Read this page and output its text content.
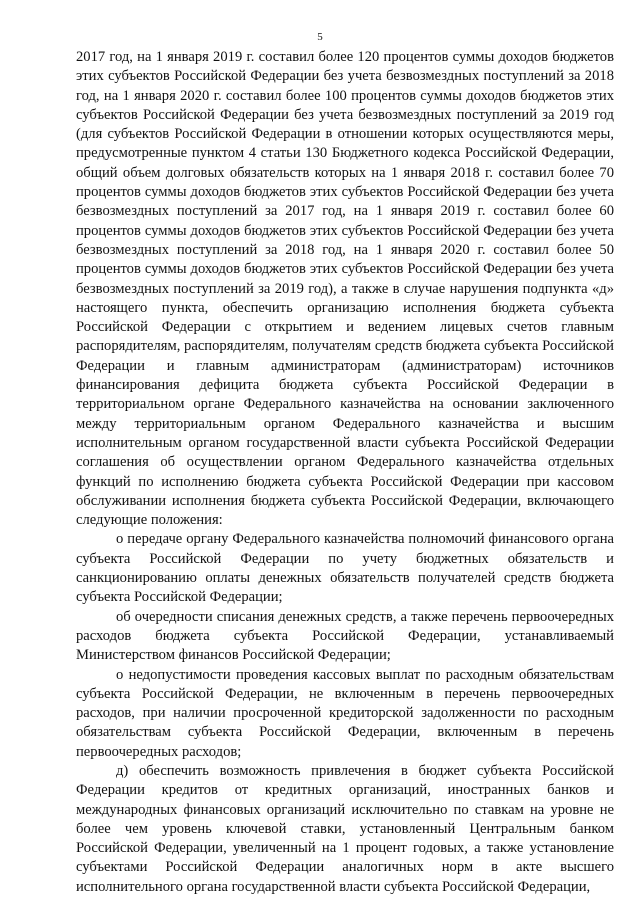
5

2017 год, на 1 января 2019 г. составил более 120 процентов суммы доходов бюджетов этих субъектов Российской Федерации без учета безвозмездных поступлений за 2018 год, на 1 января 2020 г. составил более 100 процентов суммы доходов бюджетов этих субъектов Российской Федерации без учета безвозмездных поступлений за 2019 год (для субъектов Российской Федерации в отношении которых осуществляются меры, предусмотренные пунктом 4 статьи 130 Бюджетного кодекса Российской Федерации, общий объем долговых обязательств которых на 1 января 2018 г. составил более 70 процентов суммы доходов бюджетов этих субъектов Российской Федерации без учета безвозмездных поступлений за 2017 год, на 1 января 2019 г. составил более 60 процентов суммы доходов бюджетов этих субъектов Российской Федерации без учета безвозмездных поступлений за 2018 год, на 1 января 2020 г. составил более 50 процентов суммы доходов бюджетов этих субъектов Российской Федерации без учета безвозмездных поступлений за 2019 год), а также в случае нарушения подпункта «д» настоящего пункта, обеспечить организацию исполнения бюджета субъекта Российской Федерации с открытием и ведением лицевых счетов главным распорядителям, распорядителям, получателям средств бюджета субъекта Российской Федерации и главным администраторам (администраторам) источников финансирования дефицита бюджета субъекта Российской Федерации в территориальном органе Федерального казначейства на основании заключенного между территориальным органом Федерального казначейства и высшим исполнительным органом государственной власти субъекта Российской Федерации соглашения об осуществлении органом Федерального казначейства отдельных функций по исполнению бюджета субъекта Российской Федерации при кассовом обслуживании исполнения бюджета субъекта Российской Федерации, включающего следующие положения:

о передаче органу Федерального казначейства полномочий финансового органа субъекта Российской Федерации по учету бюджетных обязательств и санкционированию оплаты денежных обязательств получателей средств бюджета субъекта Российской Федерации;

об очередности списания денежных средств, а также перечень первоочередных расходов бюджета субъекта Российской Федерации, устанавливаемый Министерством финансов Российской Федерации;

о недопустимости проведения кассовых выплат по расходным обязательствам субъекта Российской Федерации, не включенным в перечень первоочередных расходов, при наличии просроченной кредиторской задолженности по расходным обязательствам субъекта Российской Федерации, включенным в перечень первоочередных расходов;

д) обеспечить возможность привлечения в бюджет субъекта Российской Федерации кредитов от кредитных организаций, иностранных банков и международных финансовых организаций исключительно по ставкам на уровне не более чем уровень ключевой ставки, установленный Центральным банком Российской Федерации, увеличенный на 1 процент годовых, а также установление субъектами Российской Федерации аналогичных норм в акте высшего исполнительного органа государственной власти субъекта Российской Федерации,
